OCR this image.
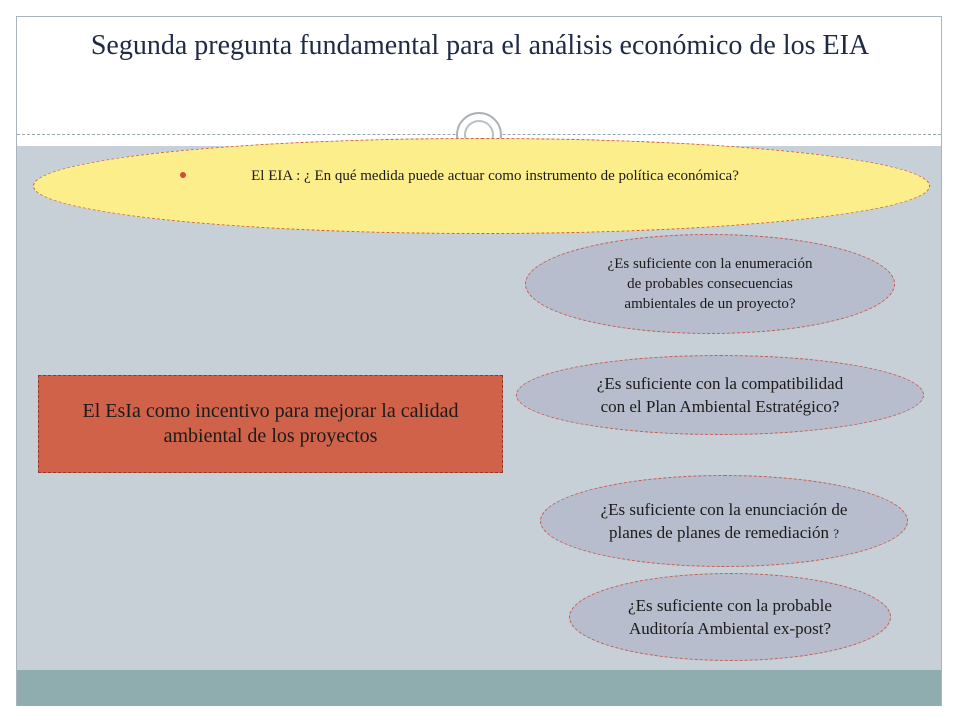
Segunda pregunta fundamental para el análisis económico de los EIA
El EIA : ¿ En qué medida puede actuar como instrumento de política económica?
¿Es suficiente con la enumeración de probables consecuencias ambientales de un proyecto?
¿Es suficiente con la compatibilidad con el Plan Ambiental Estratégico?
¿Es suficiente con la enunciación de planes de planes de remediación ?
¿Es suficiente con la probable Auditoría Ambiental ex-post?
El EsIa como incentivo para mejorar la calidad ambiental de los proyectos
